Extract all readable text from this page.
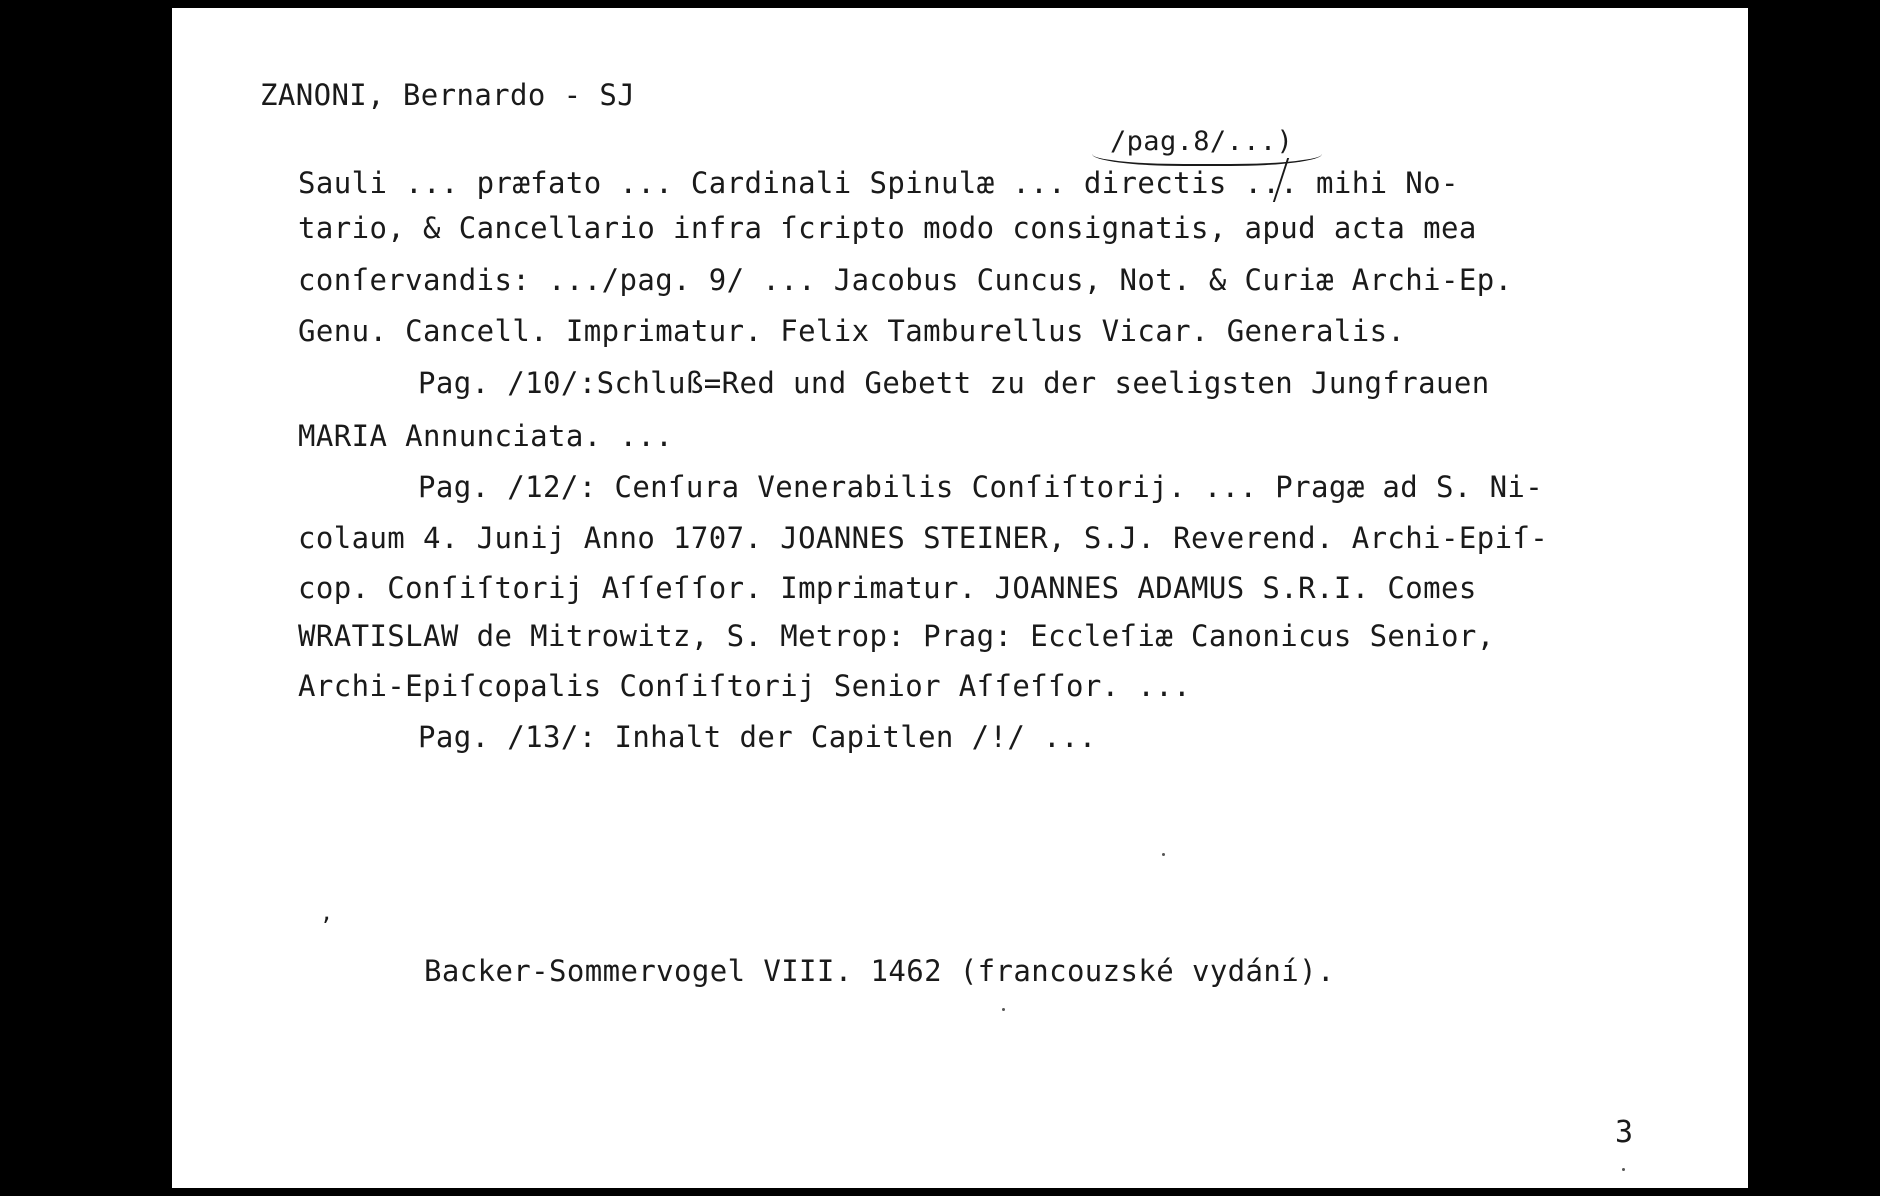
ZANONI, Bernardo - SJ
/pag.8/...)
Sauli ... præfato ... Cardinali Spinulæ ... directis ... mihi No-
tario, & Cancellario infra ſcripto modo consignatis, apud acta mea
conſervandis: .../pag. 9/ ... Jacobus Cuncus, Not. & Curiæ Archi-Ep.
Genu. Cancell. Imprimatur. Felix Tamburellus Vicar. Generalis.
Pag. /10/:Schluß=Red und Gebett zu der seeligsten Jungfrauen
MARIA Annunciata. ...
Pag. /12/: Cenſura Venerabilis Conſiſtorij. ... Pragæ ad S. Ni-
colaum 4. Junij Anno 1707. JOANNES STEINER, S.J. Reverend. Archi-Epiſ-
cop. Conſiſtorij Aſſeſſor. Imprimatur. JOANNES ADAMUS S.R.I. Comes
WRATISLAW de Mitrowitz, S. Metrop: Prag: Eccleſiæ Canonicus Senior,
Archi-Epiſcopalis Conſiſtorij Senior Aſſeſſor. ...
Pag. /13/: Inhalt der Capitlen /!/ ...
,
Backer-Sommervogel VIII. 1462 (francouzské vydání).
3
